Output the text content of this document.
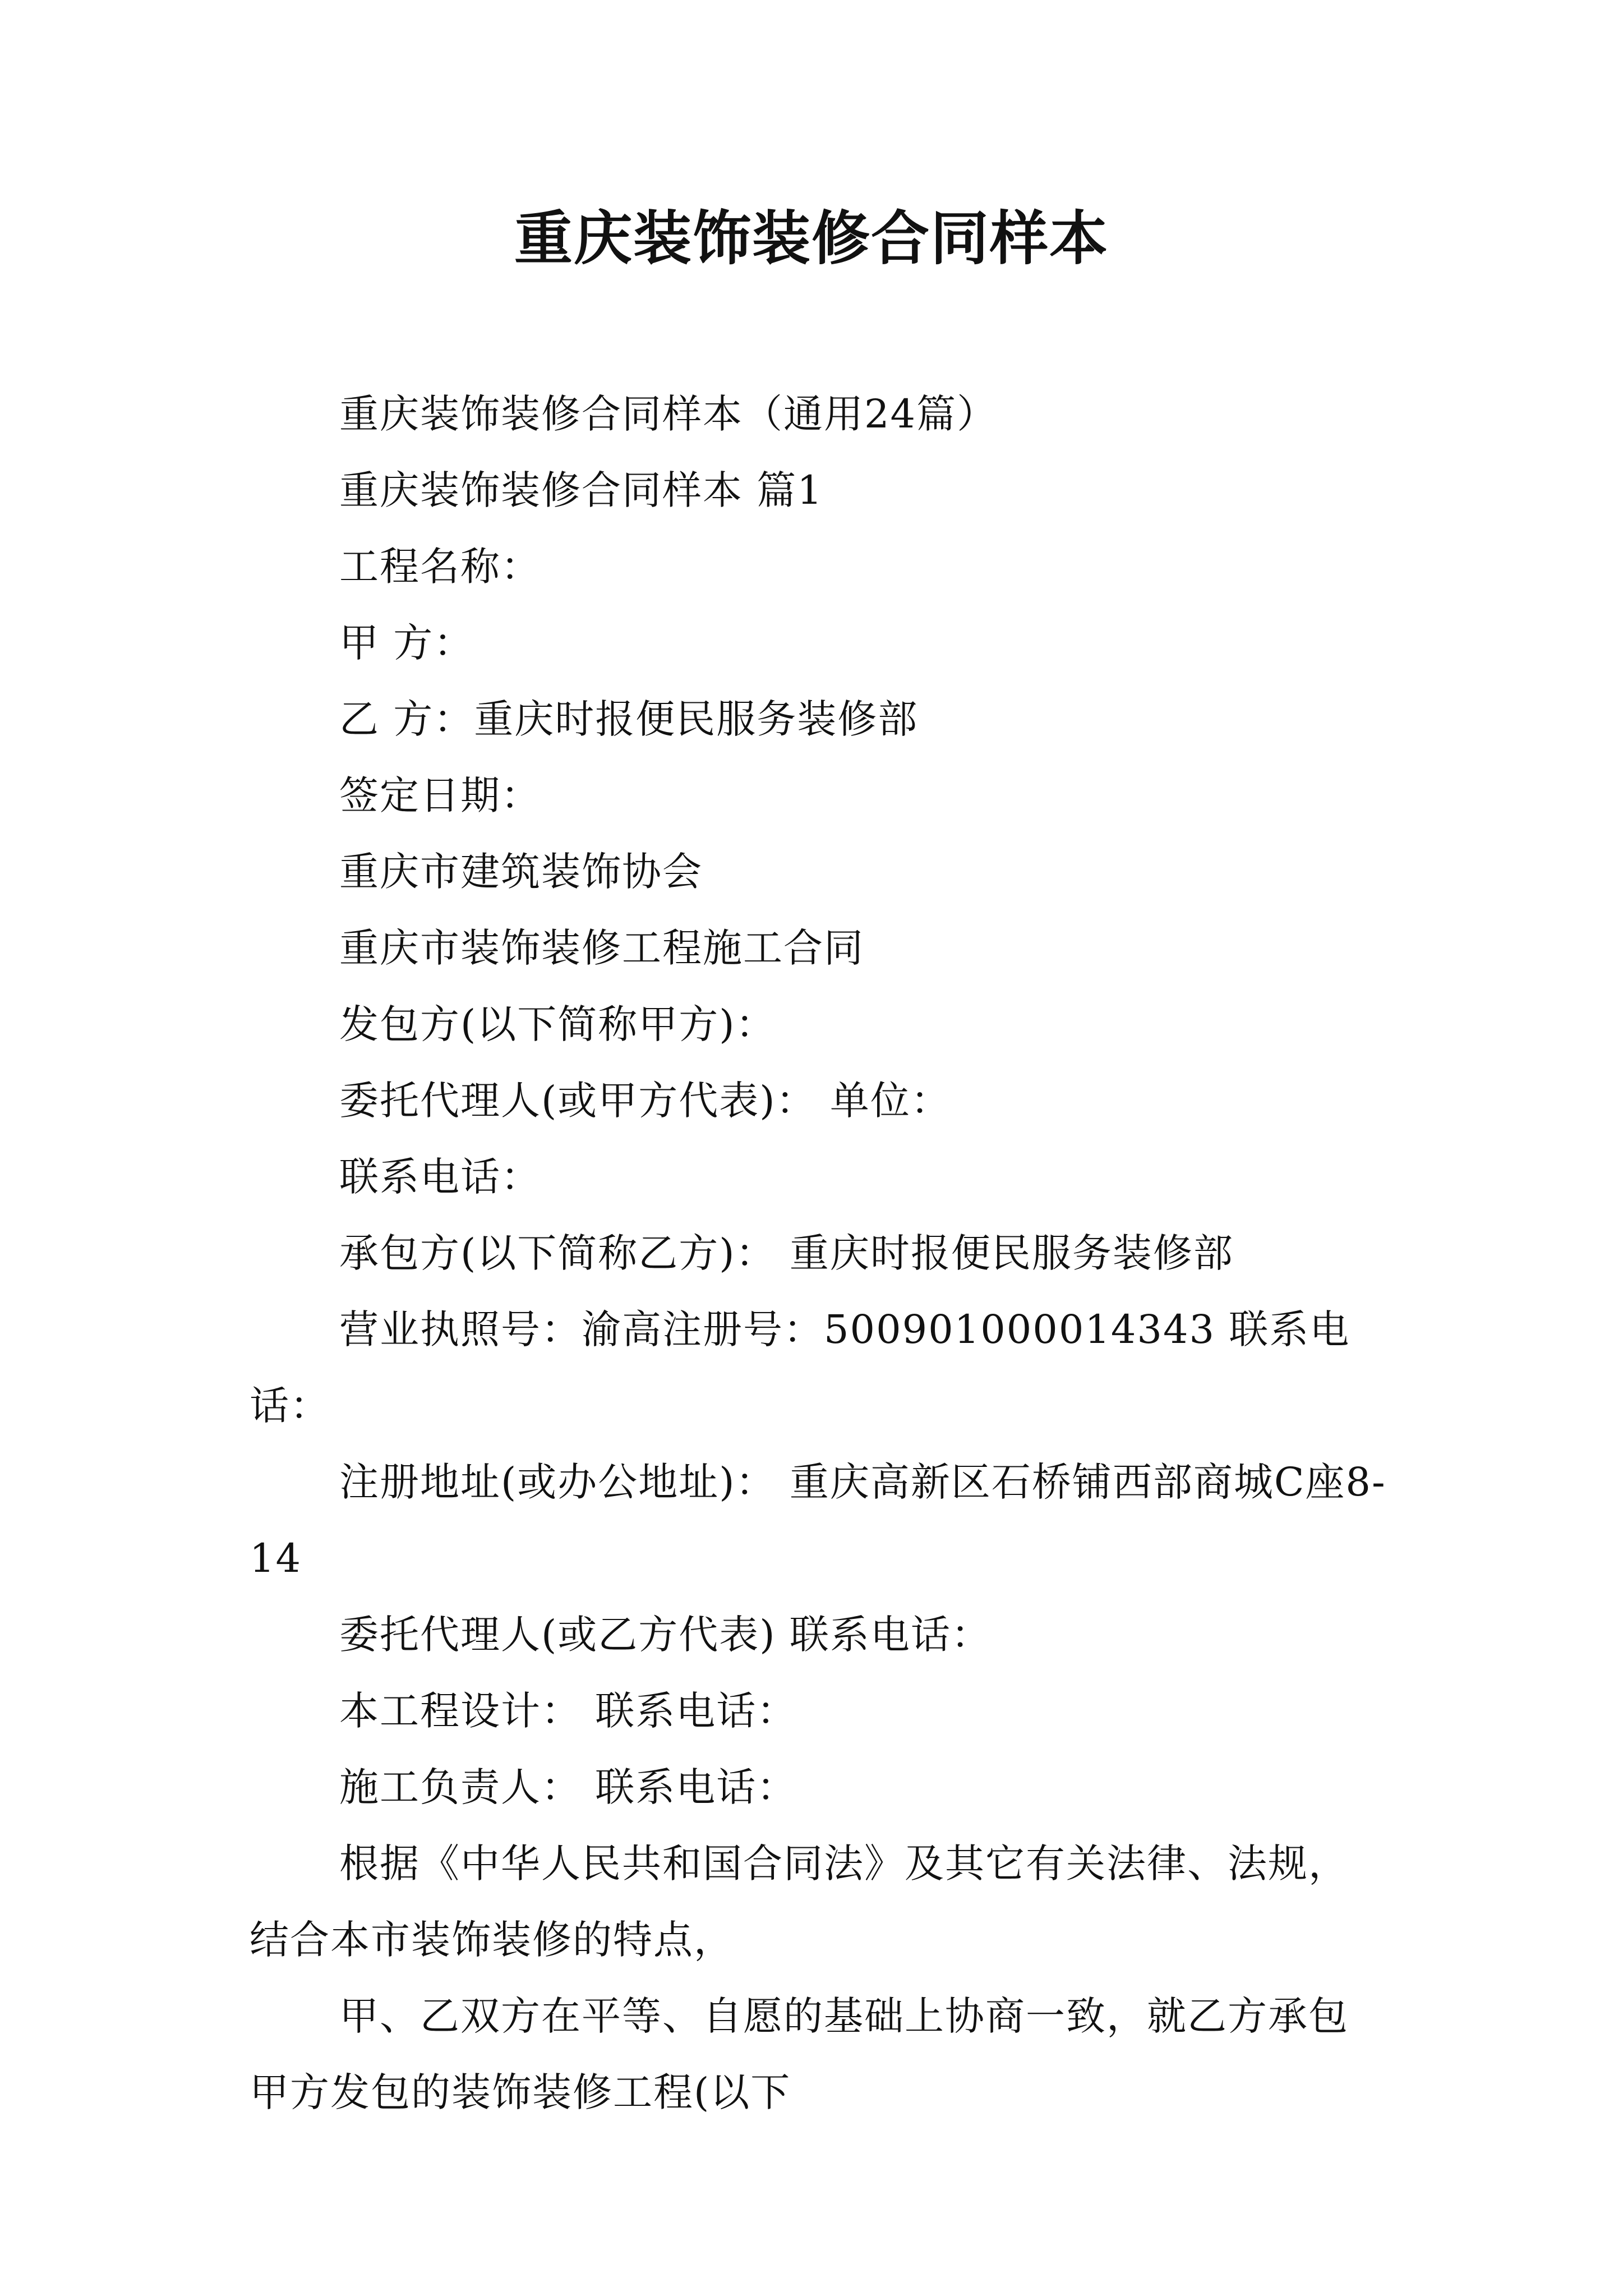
重庆装饰装修合同样本

重庆装饰装修合同样本（通用24篇）

重庆装饰装修合同样本 篇1

工程名称：

甲 方：

乙 方：重庆时报便民服务装修部

签定日期：

重庆市建筑装饰协会

重庆市装饰装修工程施工合同

发包方(以下简称甲方)：

委托代理人(或甲方代表)： 单位：

联系电话：

承包方(以下简称乙方)： 重庆时报便民服务装修部

营业执照号：渝高注册号：500901000014343 联系电话：

注册地址(或办公地址)： 重庆高新区石桥铺西部商城C座8-14

委托代理人(或乙方代表) 联系电话：

本工程设计： 联系电话：

施工负责人： 联系电话：

根据《中华人民共和国合同法》及其它有关法律、法规，结合本市装饰装修的特点，

甲、乙双方在平等、自愿的基础上协商一致，就乙方承包甲方发包的装饰装修工程(以下
